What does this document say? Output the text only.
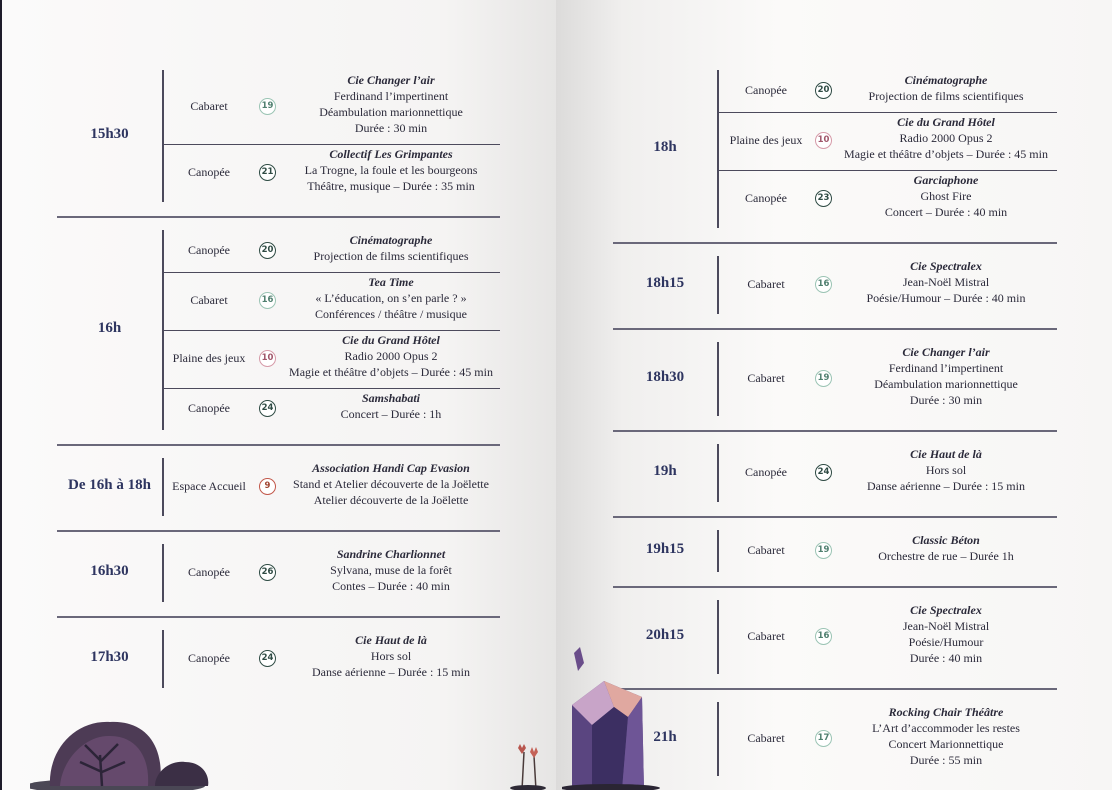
15h30
Cabaret	19
Cie Changer l’air
Ferdinand l’impertinent
Déambulation marionnettique
Durée : 30 min
Canopée	21
Collectif Les Grimpantes
La Trogne, la foule et les bourgeons
Théâtre, musique – Durée : 35 min
16h
Canopée	20
Cinématographe
Projection de films scientifiques
Cabaret	16
Tea Time
« L’éducation, on s’en parle ? »
Conférences / théâtre / musique
Plaine des jeux	10
Cie du Grand Hôtel
Radio 2000 Opus 2
Magie et théâtre d’objets – Durée : 45 min
Canopée	24
Samshabati
Concert – Durée : 1h
De 16h à 18h	Espace Accueil	9
Association Handi Cap Evasion
Stand et Atelier découverte de la Joëlette
Atelier découverte de la Joëlette
16h30	Canopée	26
Sandrine Charlionnet
Sylvana, muse de la forêt
Contes – Durée : 40 min
17h30	Canopée	24
Cie Haut de là
Hors sol
Danse aérienne – Durée : 15 min
18h
Canopée	20
Cinématographe
Projection de films scientifiques
Plaine des jeux	10
Cie du Grand Hôtel
Radio 2000 Opus 2
Magie et théâtre d’objets – Durée : 45 min
Canopée	23
Garciaphone
Ghost Fire
Concert – Durée : 40 min
18h15	Cabaret	16
Cie Spectralex
Jean-Noël Mistral
Poésie/Humour – Durée : 40 min
18h30	Cabaret	19
Cie Changer l’air
Ferdinand l’impertinent
Déambulation marionnettique
Durée : 30 min
19h	Canopée	24
Cie Haut de là
Hors sol
Danse aérienne – Durée : 15 min
19h15	Cabaret	19
Classic Béton
Orchestre de rue – Durée 1h
20h15	Cabaret	16
Cie Spectralex
Jean-Noël Mistral
Poésie/Humour
Durée : 40 min
21h	Cabaret	17
Rocking Chair Théâtre
L’Art d’accommoder les restes
Concert Marionnettique
Durée : 55 min
